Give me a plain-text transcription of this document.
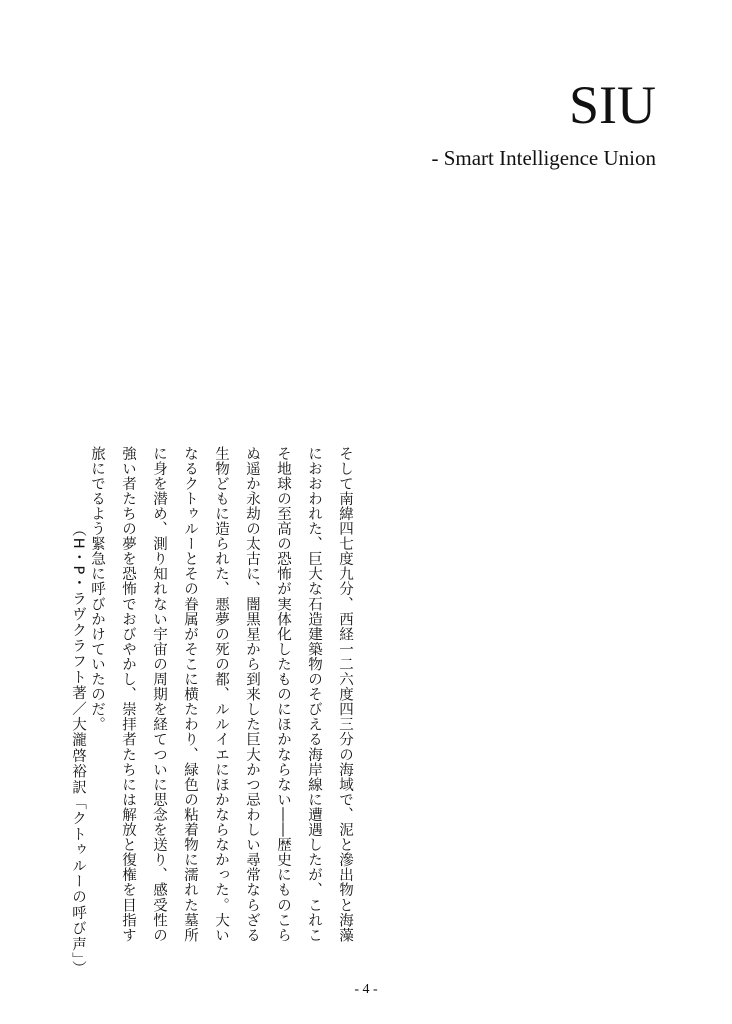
SIU
- Smart Intelligence Union

そして南緯四七度九分、西経一二六度四三分の海域で、泥と滲出物と海藻におおわれた、巨大な石造建築物のそびえる海岸線に遭遇したが、これこそ地球の至高の恐怖が実体化したものにほかならない――歴史にものこらぬ遥か永劫の太古に、闇黒星から到来した巨大かつ忌わしい尋常ならざる生物どもに造られた、悪夢の死の都、ルルイエにほかならなかった。大いなるクトゥルーとその眷属がそこに横たわり、緑色の粘着物に濡れた墓所に身を潜め、測り知れない宇宙の周期を経てついに思念を送り、感受性の強い者たちの夢を恐怖でおびやかし、崇拝者たちには解放と復権を目指す旅にでるよう緊急に呼びかけていたのだ。

（H・P・ラヴクラフト著／大瀧啓裕訳「クトゥルーの呼び声」）
- 4 -
